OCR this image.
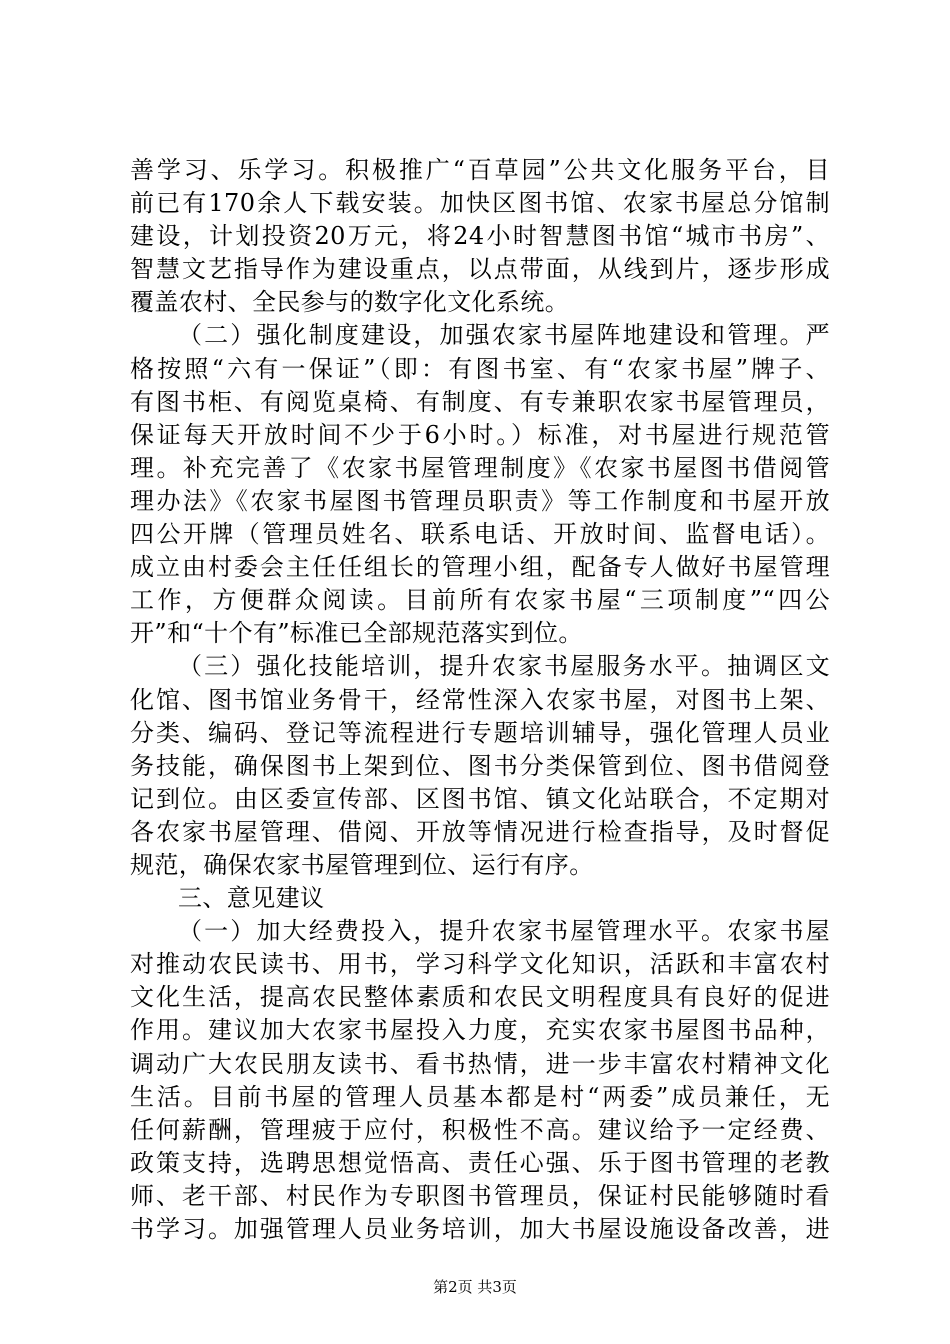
善学习、乐学习。积极推广“百草园”公共文化服务平台，目
前已有170余人下载安装。加快区图书馆、农家书屋总分馆制
建设，计划投资20万元，将24小时智慧图书馆“城市书房”、
智慧文艺指导作为建设重点，以点带面，从线到片，逐步形成
覆盖农村、全民参与的数字化文化系统。
（二）强化制度建设，加强农家书屋阵地建设和管理。严
格按照“六有一保证”（即：有图书室、有“农家书屋”牌子、
有图书柜、有阅览桌椅、有制度、有专兼职农家书屋管理员，
保证每天开放时间不少于6小时。）标准，对书屋进行规范管
理。补充完善了《农家书屋管理制度》《农家书屋图书借阅管
理办法》《农家书屋图书管理员职责》等工作制度和书屋开放
四公开牌（管理员姓名、联系电话、开放时间、监督电话）。
成立由村委会主任任组长的管理小组，配备专人做好书屋管理
工作，方便群众阅读。目前所有农家书屋“三项制度”“四公
开”和“十个有”标准已全部规范落实到位。
（三）强化技能培训，提升农家书屋服务水平。抽调区文
化馆、图书馆业务骨干，经常性深入农家书屋，对图书上架、
分类、编码、登记等流程进行专题培训辅导，强化管理人员业
务技能，确保图书上架到位、图书分类保管到位、图书借阅登
记到位。由区委宣传部、区图书馆、镇文化站联合，不定期对
各农家书屋管理、借阅、开放等情况进行检查指导，及时督促
规范，确保农家书屋管理到位、运行有序。
三、意见建议
（一）加大经费投入，提升农家书屋管理水平。农家书屋
对推动农民读书、用书，学习科学文化知识，活跃和丰富农村
文化生活，提高农民整体素质和农民文明程度具有良好的促进
作用。建议加大农家书屋投入力度，充实农家书屋图书品种，
调动广大农民朋友读书、看书热情，进一步丰富农村精神文化
生活。目前书屋的管理人员基本都是村“两委”成员兼任，无
任何薪酬，管理疲于应付，积极性不高。建议给予一定经费、
政策支持，选聘思想觉悟高、责任心强、乐于图书管理的老教
师、老干部、村民作为专职图书管理员，保证村民能够随时看
书学习。加强管理人员业务培训，加大书屋设施设备改善，进
第2页 共3页
